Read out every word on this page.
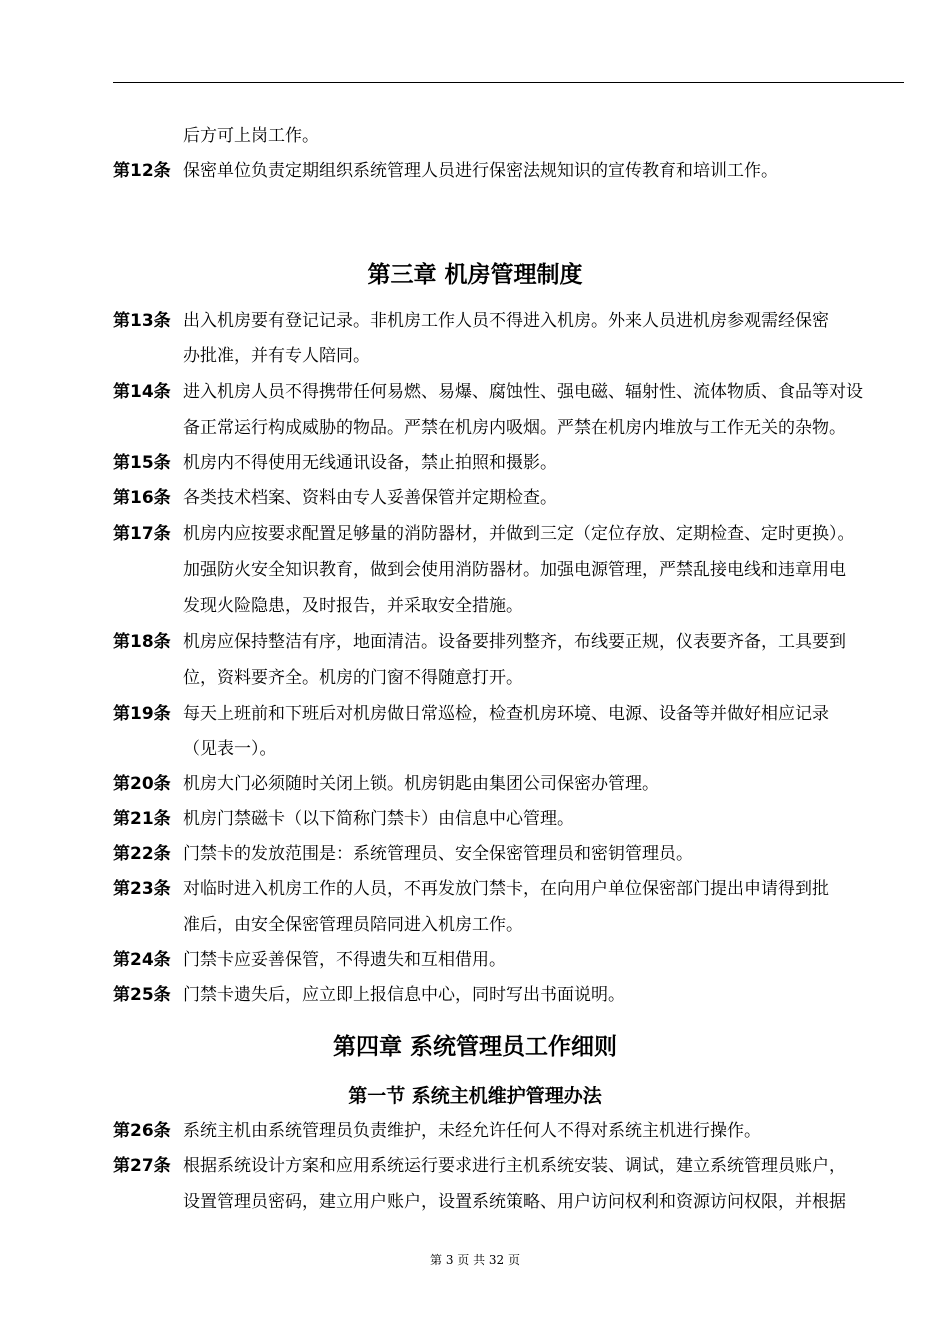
后方可上岗工作。
第12条 保密单位负责定期组织系统管理人员进行保密法规知识的宣传教育和培训工作。
第三章 机房管理制度
第13条 出入机房要有登记记录。非机房工作人员不得进入机房。外来人员进机房参观需经保密
办批准，并有专人陪同。
第14条 进入机房人员不得携带任何易燃、易爆、腐蚀性、强电磁、辐射性、流体物质、食品等对设
备正常运行构成威胁的物品。严禁在机房内吸烟。严禁在机房内堆放与工作无关的杂物。
第15条 机房内不得使用无线通讯设备，禁止拍照和摄影。
第16条 各类技术档案、资料由专人妥善保管并定期检查。
第17条 机房内应按要求配置足够量的消防器材，并做到三定（定位存放、定期检查、定时更换）。
加强防火安全知识教育，做到会使用消防器材。加强电源管理，严禁乱接电线和违章用电
发现火险隐患，及时报告，并采取安全措施。
第18条 机房应保持整洁有序，地面清洁。设备要排列整齐，布线要正规，仪表要齐备，工具要到
位，资料要齐全。机房的门窗不得随意打开。
第19条 每天上班前和下班后对机房做日常巡检，检查机房环境、电源、设备等并做好相应记录
（见表一）。
第20条 机房大门必须随时关闭上锁。机房钥匙由集团公司保密办管理。
第21条 机房门禁磁卡（以下简称门禁卡）由信息中心管理。
第22条 门禁卡的发放范围是：系统管理员、安全保密管理员和密钥管理员。
第23条 对临时进入机房工作的人员，不再发放门禁卡，在向用户单位保密部门提出申请得到批
准后，由安全保密管理员陪同进入机房工作。
第24条 门禁卡应妥善保管，不得遗失和互相借用。
第25条 门禁卡遗失后，应立即上报信息中心，同时写出书面说明。
第四章 系统管理员工作细则
第一节 系统主机维护管理办法
第26条 系统主机由系统管理员负责维护，未经允许任何人不得对系统主机进行操作。
第27条 根据系统设计方案和应用系统运行要求进行主机系统安装、调试，建立系统管理员账户，
设置管理员密码，建立用户账户，设置系统策略、用户访问权利和资源访问权限，并根据
第 3 页 共 32 页
